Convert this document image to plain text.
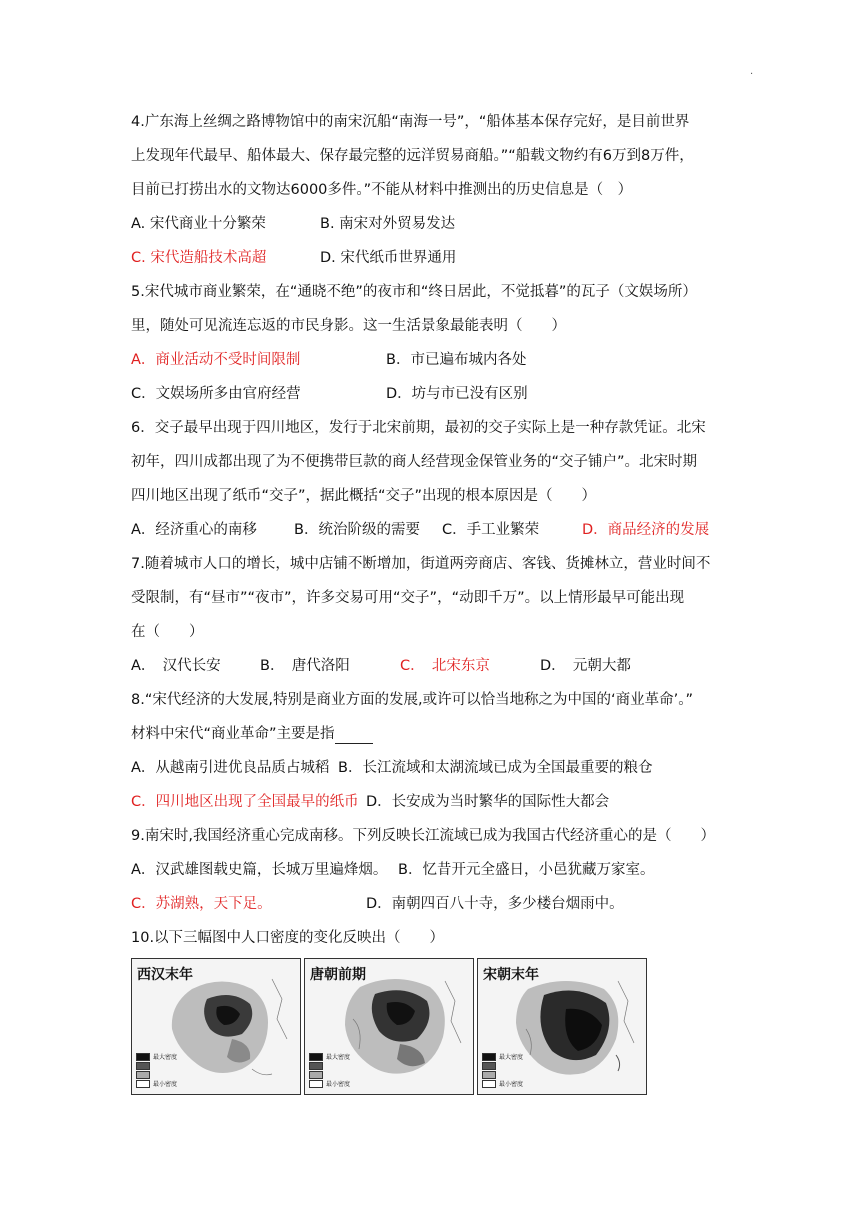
.
4.广东海上丝绸之路博物馆中的南宋沉船“南海一号”，“船体基本保存完好，是目前世界
上发现年代最早、船体最大、保存最完整的远洋贸易商船。”“船载文物约有6万到8万件，
目前已打捞出水的文物达6000多件。”不能从材料中推测出的历史信息是（　）
A. 宋代商业十分繁荣	B. 南宋对外贸易发达
C. 宋代造船技术高超	D. 宋代纸币世界通用
5.宋代城市商业繁荣，在“通晓不绝”的夜市和“终日居此，不觉抵暮”的瓦子（文娱场所）
里，随处可见流连忘返的市民身影。这一生活景象最能表明（　　）
A．商业活动不受时间限制	B．市已遍布城内各处
C．文娱场所多由官府经营	D．坊与市已没有区别
6．交子最早出现于四川地区，发行于北宋前期，最初的交子实际上是一种存款凭证。北宋
初年，四川成都出现了为不便携带巨款的商人经营现金保管业务的“交子铺户”。北宋时期
四川地区出现了纸币“交子”，据此概括“交子”出现的根本原因是（　　）
A．经济重心的南移	B．统治阶级的需要 C．手工业繁荣	D．商品经济的发展
7.随着城市人口的增长，城中店铺不断增加，街道两旁商店、客钱、货摊林立，营业时间不
受限制，有“昼市”“夜市”，许多交易可用“交子”，“动即千万”。以上情形最早可能出现
在（　　）
A．　汉代长安	B．　唐代洛阳	C．　北宋东京	D．　元朝大都
8.“宋代经济的大发展,特别是商业方面的发展,或许可以恰当地称之为中国的‘商业革命’。”
材料中宋代“商业革命”主要是指
A．从越南引进优良品质占城稻 B．长江流域和太湖流域已成为全国最重要的粮仓
C．四川地区出现了全国最早的纸币 D．长安成为当时繁华的国际性大都会
9.南宋时,我国经济重心完成南移。下列反映长江流域已成为我国古代经济重心的是（　　）
A．汉武雄图载史篇，长城万里遍烽烟。 B．忆昔开元全盛日，小邑犹藏万家室。
C．苏湖熟，天下足。	D．南朝四百八十寺，多少楼台烟雨中。
10.以下三幅图中人口密度的变化反映出（　　）
西汉末年
最大密度
最小密度
唐朝前期
最大密度
最小密度
宋朝末年
最大密度
最小密度
